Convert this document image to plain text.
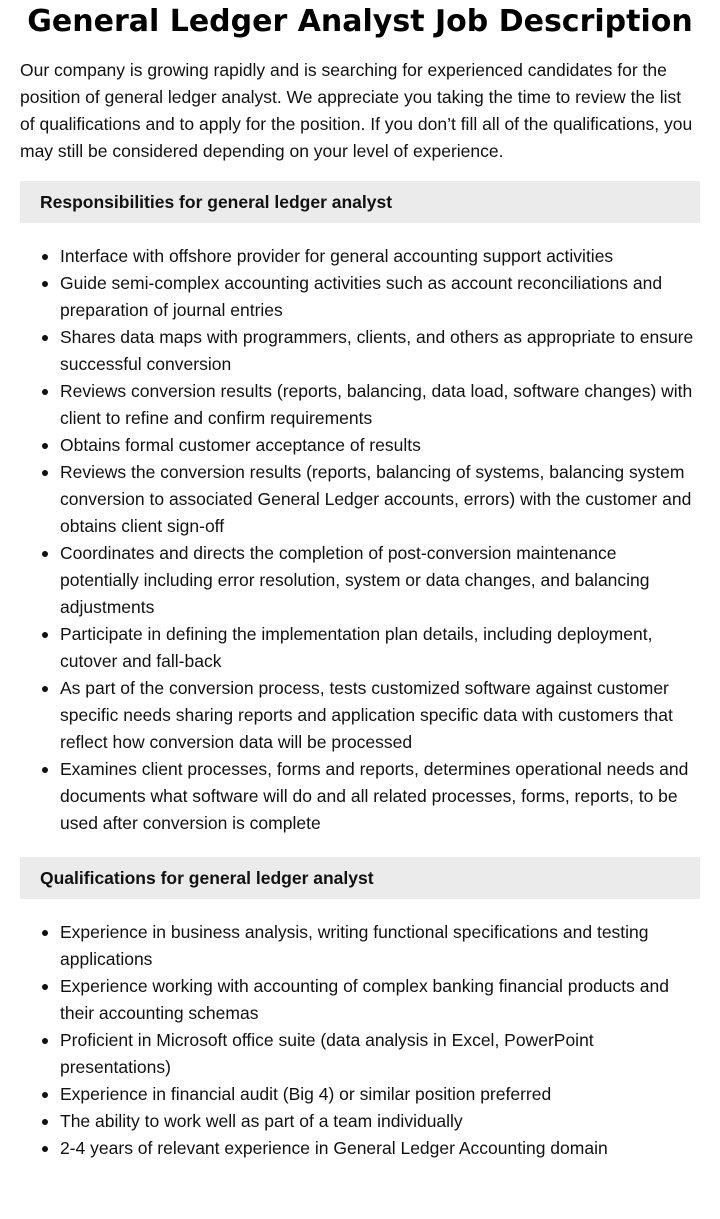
General Ledger Analyst Job Description

Our company is growing rapidly and is searching for experienced candidates for the position of general ledger analyst. We appreciate you taking the time to review the list of qualifications and to apply for the position. If you don’t fill all of the qualifications, you may still be considered depending on your level of experience.

Responsibilities for general ledger analyst
Interface with offshore provider for general accounting support activities
Guide semi-complex accounting activities such as account reconciliations and preparation of journal entries
Shares data maps with programmers, clients, and others as appropriate to ensure successful conversion
Reviews conversion results (reports, balancing, data load, software changes) with client to refine and confirm requirements
Obtains formal customer acceptance of results
Reviews the conversion results (reports, balancing of systems, balancing system conversion to associated General Ledger accounts, errors) with the customer and obtains client sign-off
Coordinates and directs the completion of post-conversion maintenance potentially including error resolution, system or data changes, and balancing adjustments
Participate in defining the implementation plan details, including deployment, cutover and fall-back
As part of the conversion process, tests customized software against customer specific needs sharing reports and application specific data with customers that reflect how conversion data will be processed
Examines client processes, forms and reports, determines operational needs and documents what software will do and all related processes, forms, reports, to be used after conversion is complete
Qualifications for general ledger analyst
Experience in business analysis, writing functional specifications and testing applications
Experience working with accounting of complex banking financial products and their accounting schemas
Proficient in Microsoft office suite (data analysis in Excel, PowerPoint presentations)
Experience in financial audit (Big 4) or similar position preferred
The ability to work well as part of a team individually
2-4 years of relevant experience in General Ledger Accounting domain
